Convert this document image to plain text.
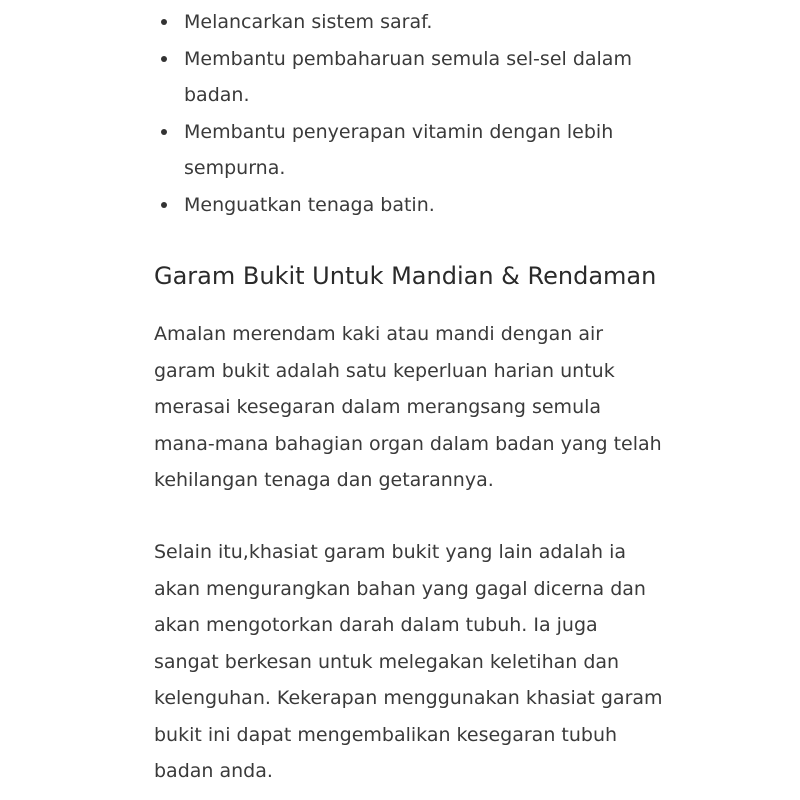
Melancarkan sistem saraf.
Membantu pembaharuan semula sel-sel dalam badan.
Membantu penyerapan vitamin dengan lebih sempurna.
Menguatkan tenaga batin.
Garam Bukit Untuk Mandian & Rendaman

Amalan merendam kaki atau mandi dengan air garam bukit adalah satu keperluan harian untuk merasai kesegaran dalam merangsang semula mana-mana bahagian organ dalam badan yang telah kehilangan tenaga dan getarannya.

Selain itu,khasiat garam bukit yang lain adalah ia akan mengurangkan bahan yang gagal dicerna dan akan mengotorkan darah dalam tubuh. Ia juga sangat berkesan untuk melegakan keletihan dan kelenguhan. Kekerapan menggunakan khasiat garam bukit ini dapat mengembalikan kesegaran tubuh badan anda.
